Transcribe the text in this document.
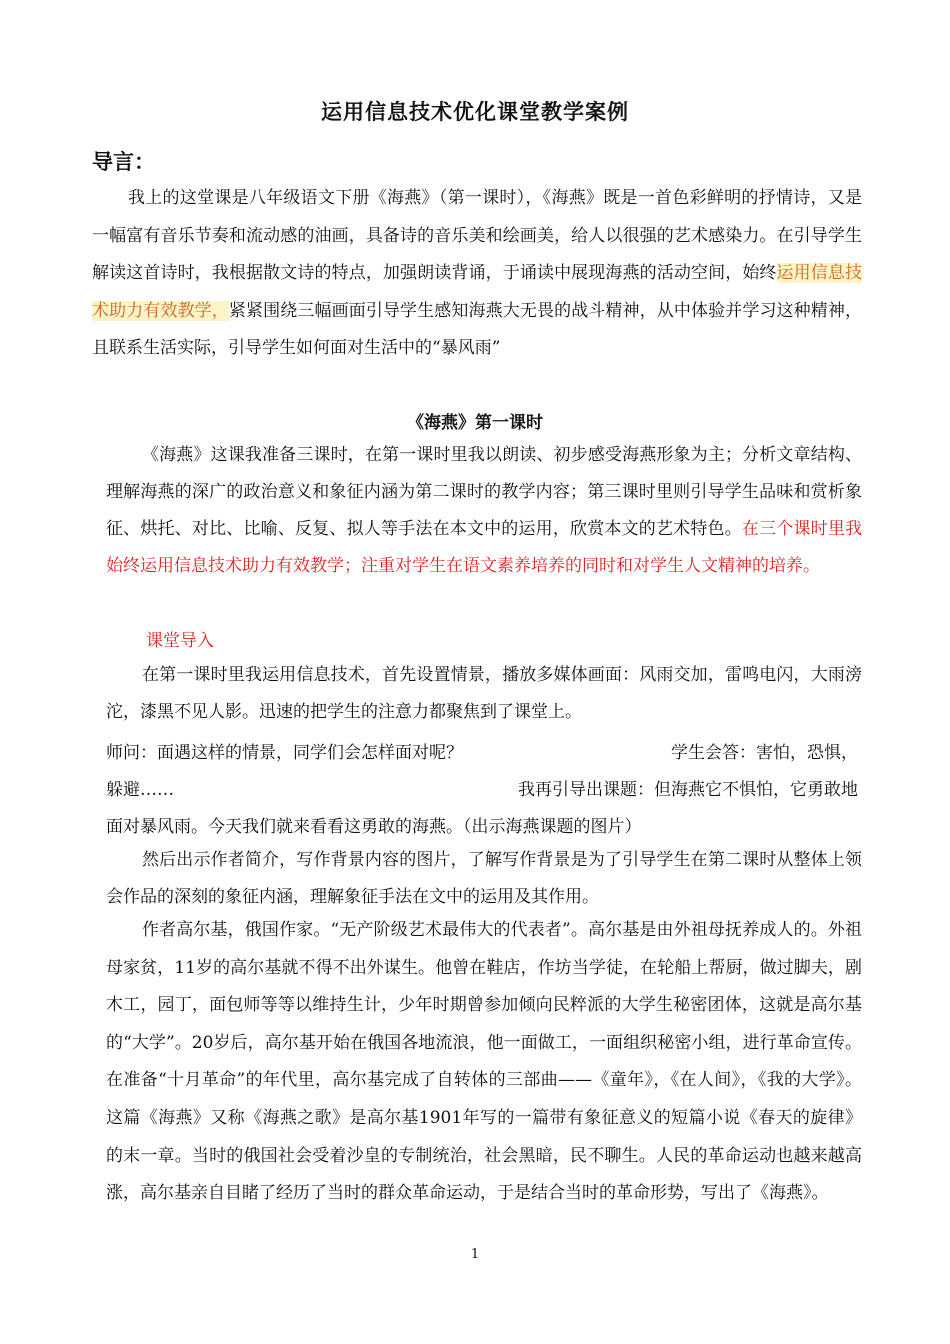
运用信息技术优化课堂教学案例
导言：

我上的这堂课是八年级语文下册《海燕》（第一课时），《海燕》既是一首色彩鲜明的抒情诗，又是一幅富有音乐节奏和流动感的油画，具备诗的音乐美和绘画美，给人以很强的艺术感染力。在引导学生解读这首诗时，我根据散文诗的特点，加强朗读背诵，于诵读中展现海燕的活动空间，始终运用信息技术助力有效教学，紧紧围绕三幅画面引导学生感知海燕大无畏的战斗精神，从中体验并学习这种精神，且联系生活实际，引导学生如何面对生活中的“暴风雨”

《海燕》第一课时

《海燕》这课我准备三课时，在第一课时里我以朗读、初步感受海燕形象为主；分析文章结构、理解海燕的深广的政治意义和象征内涵为第二课时的教学内容；第三课时里则引导学生品味和赏析象征、烘托、对比、比喻、反复、拟人等手法在本文中的运用，欣赏本文的艺术特色。在三个课时里我始终运用信息技术助力有效教学；注重对学生在语文素养培养的同时和对学生人文精神的培养。

课堂导入

在第一课时里我运用信息技术，首先设置情景，播放多媒体画面：风雨交加，雷鸣电闪，大雨滂沱，漆黑不见人影。迅速的把学生的注意力都聚焦到了课堂上。

师问：面遇这样的情景，同学们会怎样面对呢？	学生会答：害怕，恐惧，
躲避……	我再引导出课题：但海燕它不惧怕，它勇敢地
面对暴风雨。今天我们就来看看这勇敢的海燕。（出示海燕课题的图片）

然后出示作者简介，写作背景内容的图片，了解写作背景是为了引导学生在第二课时从整体上领会作品的深刻的象征内涵，理解象征手法在文中的运用及其作用。

作者高尔基，俄国作家。“无产阶级艺术最伟大的代表者”。高尔基是由外祖母抚养成人的。外祖母家贫，11岁的高尔基就不得不出外谋生。他曾在鞋店，作坊当学徒，在轮船上帮厨，做过脚夫，剧木工，园丁，面包师等等以维持生计，少年时期曾参加倾向民粹派的大学生秘密团体，这就是高尔基的“大学”。20岁后，高尔基开始在俄国各地流浪，他一面做工，一面组织秘密小组，进行革命宣传。在准备“十月革命”的年代里，高尔基完成了自转体的三部曲——《童年》，《在人间》，《我的大学》。这篇《海燕》又称《海燕之歌》是高尔基1901年写的一篇带有象征意义的短篇小说《春天的旋律》的末一章。当时的俄国社会受着沙皇的专制统治，社会黑暗，民不聊生。人民的革命运动也越来越高涨，高尔基亲自目睹了经历了当时的群众革命运动，于是结合当时的革命形势，写出了《海燕》。

1
